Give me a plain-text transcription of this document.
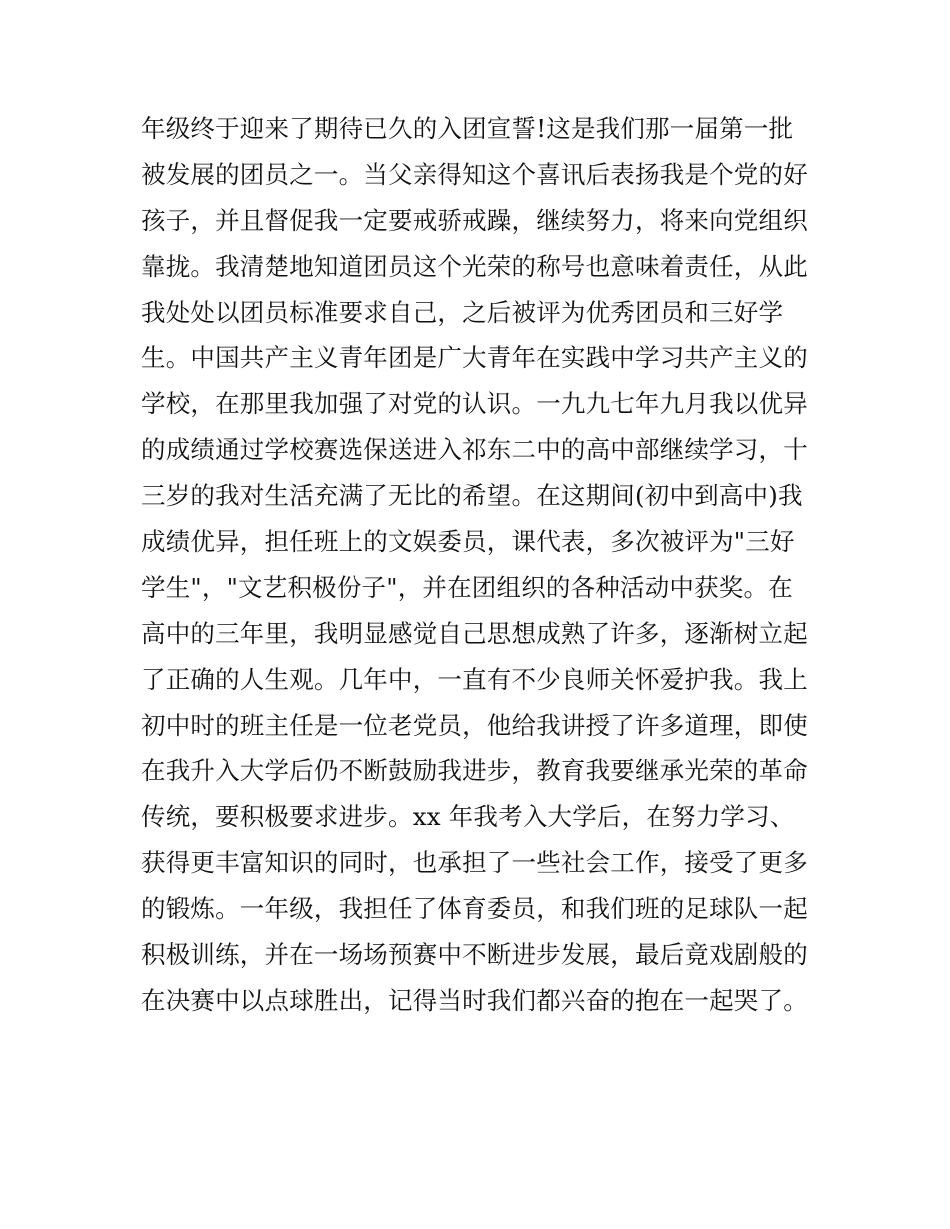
年级终于迎来了期待已久的入团宣誓!这是我们那一届第一批
被发展的团员之一。当父亲得知这个喜讯后表扬我是个党的好
孩子，并且督促我一定要戒骄戒躁，继续努力，将来向党组织
靠拢。我清楚地知道团员这个光荣的称号也意味着责任，从此
我处处以团员标准要求自己，之后被评为优秀团员和三好学
生。中国共产主义青年团是广大青年在实践中学习共产主义的
学校，在那里我加强了对党的认识。一九九七年九月我以优异
的成绩通过学校赛选保送进入祁东二中的高中部继续学习，十
三岁的我对生活充满了无比的希望。在这期间(初中到高中)我
成绩优异，担任班上的文娱委员，课代表，多次被评为"三好
学生"，"文艺积极份子"，并在团组织的各种活动中获奖。在
高中的三年里，我明显感觉自己思想成熟了许多，逐渐树立起
了正确的人生观。几年中，一直有不少良师关怀爱护我。我上
初中时的班主任是一位老党员，他给我讲授了许多道理，即使
在我升入大学后仍不断鼓励我进步，教育我要继承光荣的革命
传统，要积极要求进步。xx 年我考入大学后，在努力学习、
获得更丰富知识的同时，也承担了一些社会工作，接受了更多
的锻炼。一年级，我担任了体育委员，和我们班的足球队一起
积极训练，并在一场场预赛中不断进步发展，最后竟戏剧般的
在决赛中以点球胜出，记得当时我们都兴奋的抱在一起哭了。
